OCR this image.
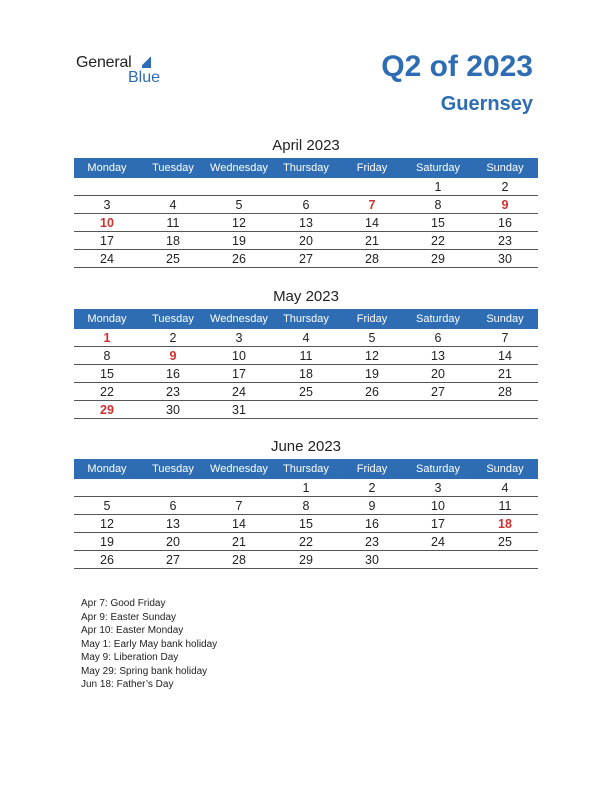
General
Blue	Q2 of 2023
Guernsey
April 2023
Monday	Tuesday	Wednesday	Thursday	Friday	Saturday	Sunday
					1	2
3	4	5	6	7	8	9
10	11	12	13	14	15	16
17	18	19	20	21	22	23
24	25	26	27	28	29	30
May 2023
Monday	Tuesday	Wednesday	Thursday	Friday	Saturday	Sunday
1	2	3	4	5	6	7
8	9	10	11	12	13	14
15	16	17	18	19	20	21
22	23	24	25	26	27	28
29	30	31				
June 2023
Monday	Tuesday	Wednesday	Thursday	Friday	Saturday	Sunday
			1	2	3	4
5	6	7	8	9	10	11
12	13	14	15	16	17	18
19	20	21	22	23	24	25
26	27	28	29	30		
Apr 7: Good Friday
Apr 9: Easter Sunday
Apr 10: Easter Monday
May 1: Early May bank holiday
May 9: Liberation Day
May 29: Spring bank holiday
Jun 18: Father’s Day
